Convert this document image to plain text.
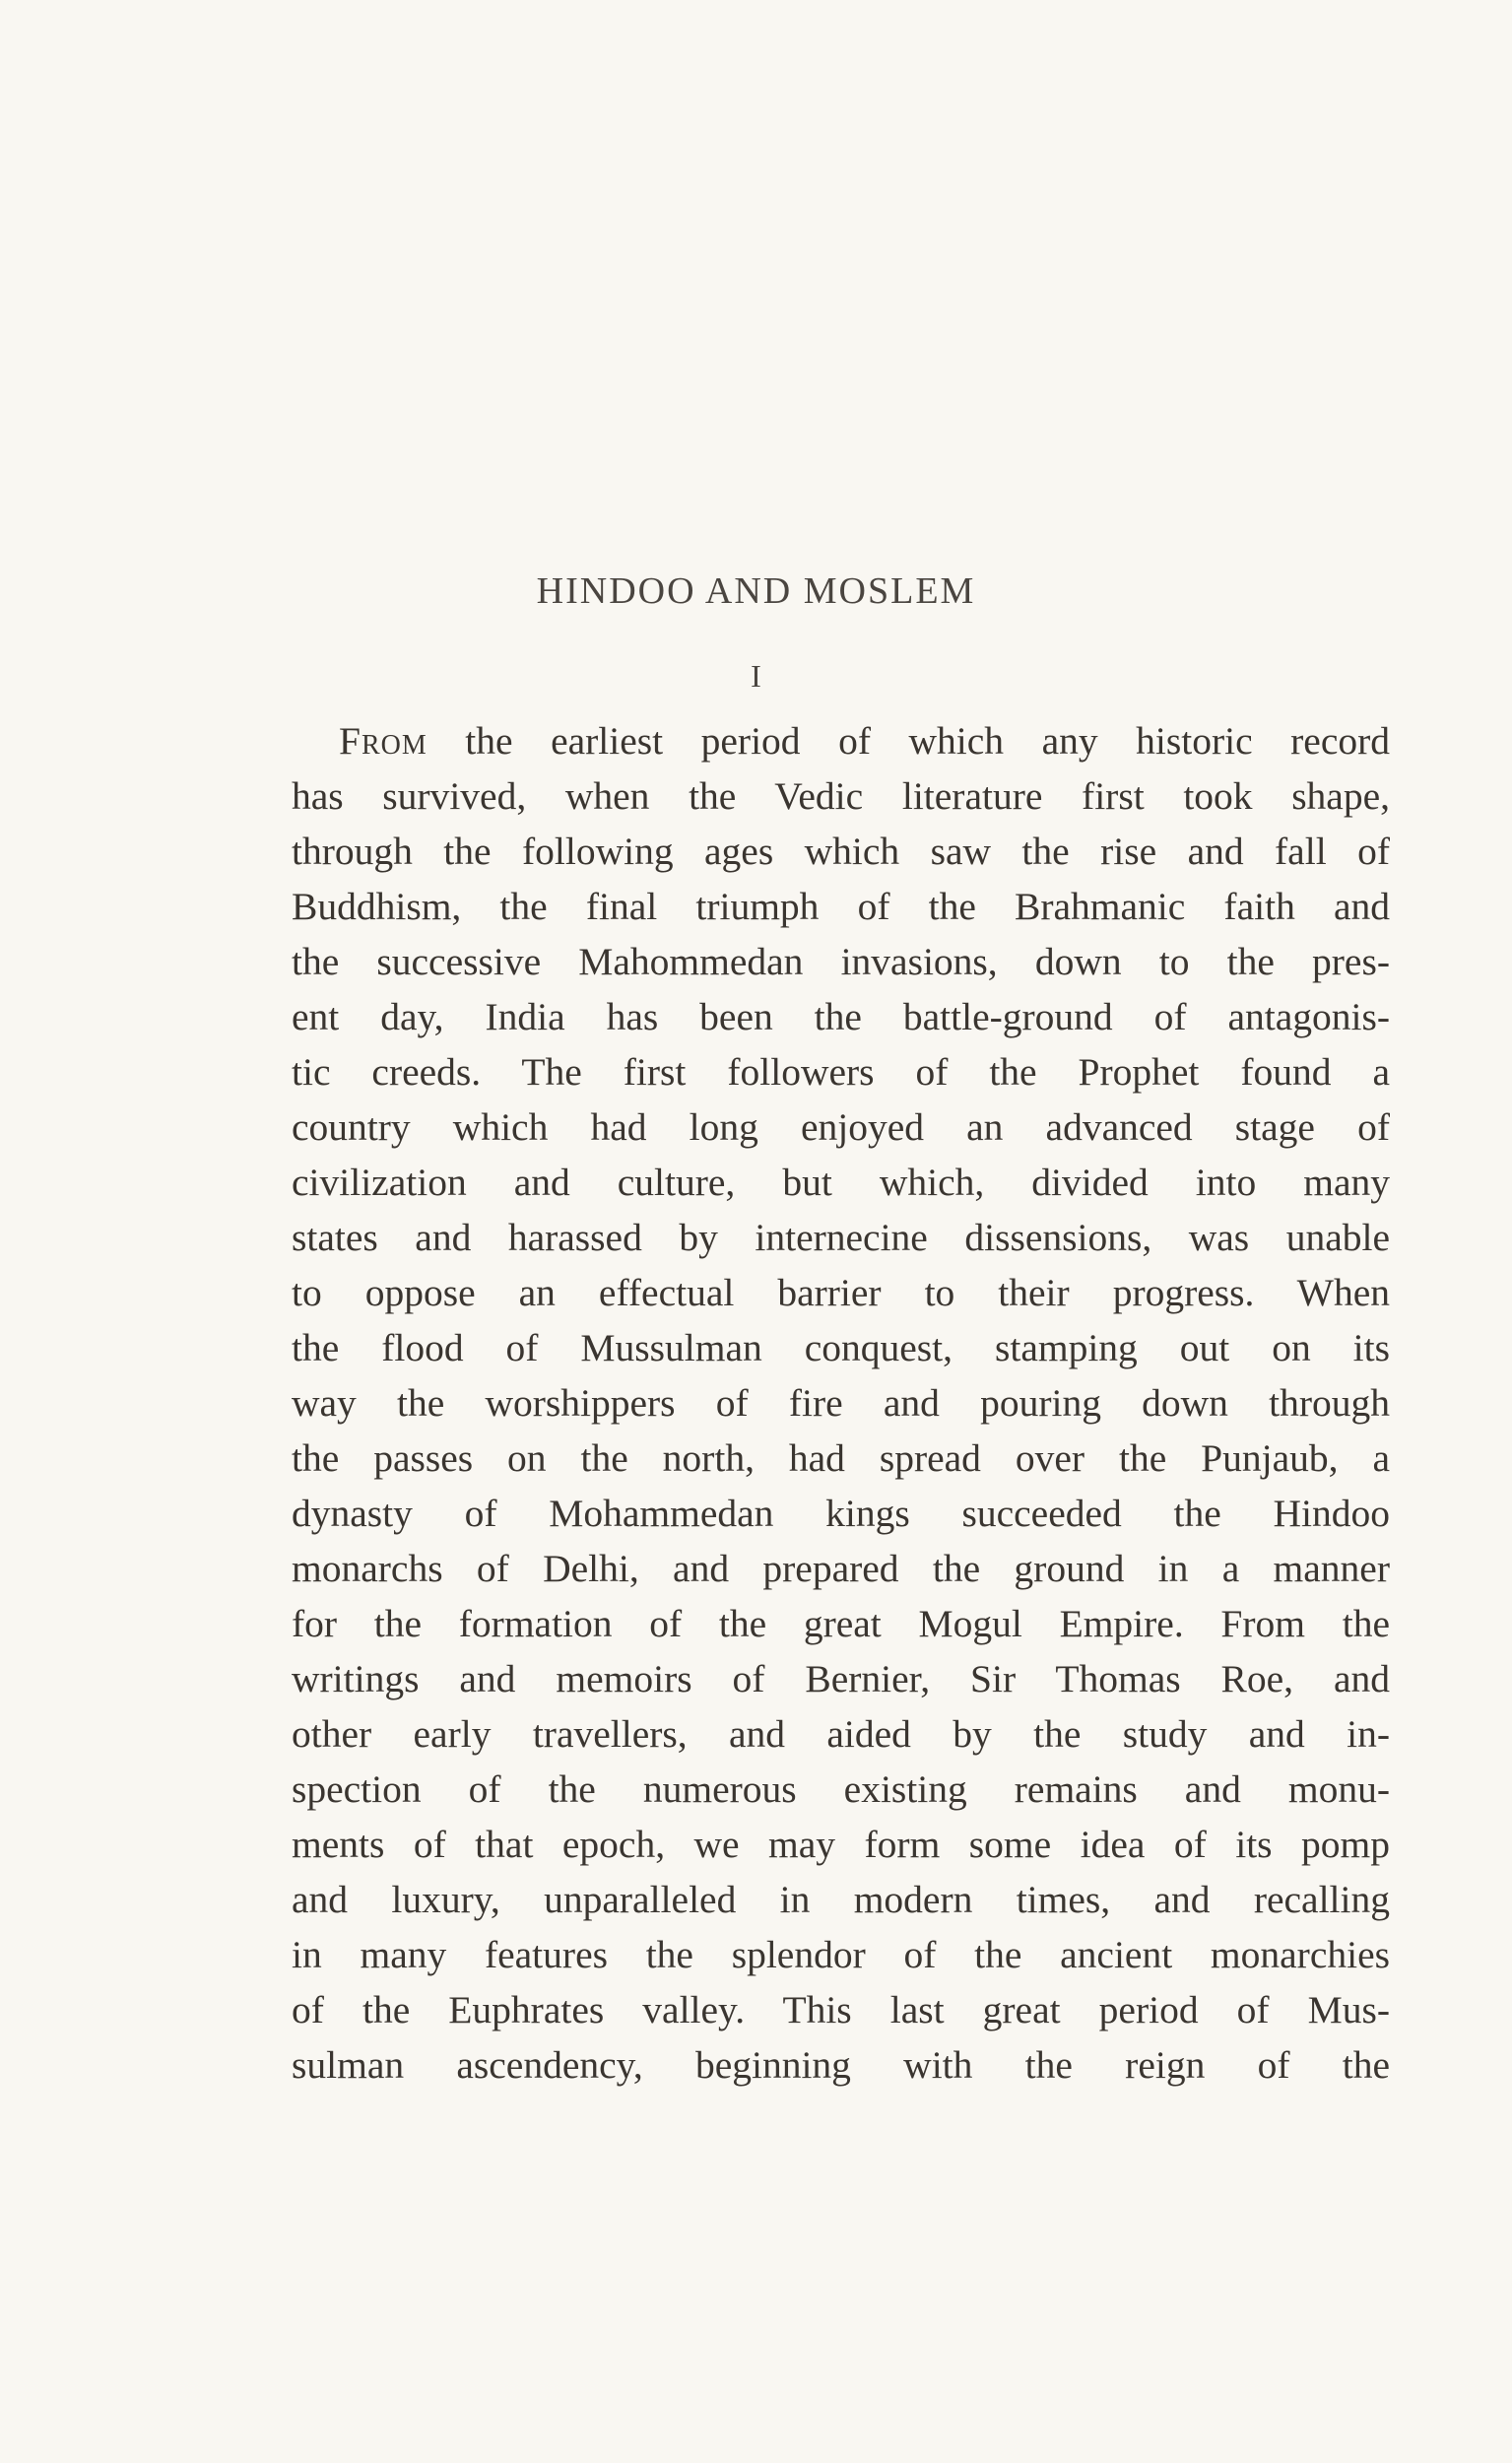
HINDOO AND MOSLEM
I
From the earliest period of which any historic record
has survived, when the Vedic literature first took shape,
through the following ages which saw the rise and fall of
Buddhism, the final triumph of the Brahmanic faith and
the successive Mahommedan invasions, down to the pres-
ent day, India has been the battle-ground of antagonis-
tic creeds. The first followers of the Prophet found a
country which had long enjoyed an advanced stage of
civilization and culture, but which, divided into many
states and harassed by internecine dissensions, was unable
to oppose an effectual barrier to their progress. When
the flood of Mussulman conquest, stamping out on its
way the worshippers of fire and pouring down through
the passes on the north, had spread over the Punjaub, a
dynasty of Mohammedan kings succeeded the Hindoo
monarchs of Delhi, and prepared the ground in a manner
for the formation of the great Mogul Empire. From the
writings and memoirs of Bernier, Sir Thomas Roe, and
other early travellers, and aided by the study and in-
spection of the numerous existing remains and monu-
ments of that epoch, we may form some idea of its pomp
and luxury, unparalleled in modern times, and recalling
in many features the splendor of the ancient monarchies
of the Euphrates valley. This last great period of Mus-
sulman ascendency, beginning with the reign of the
